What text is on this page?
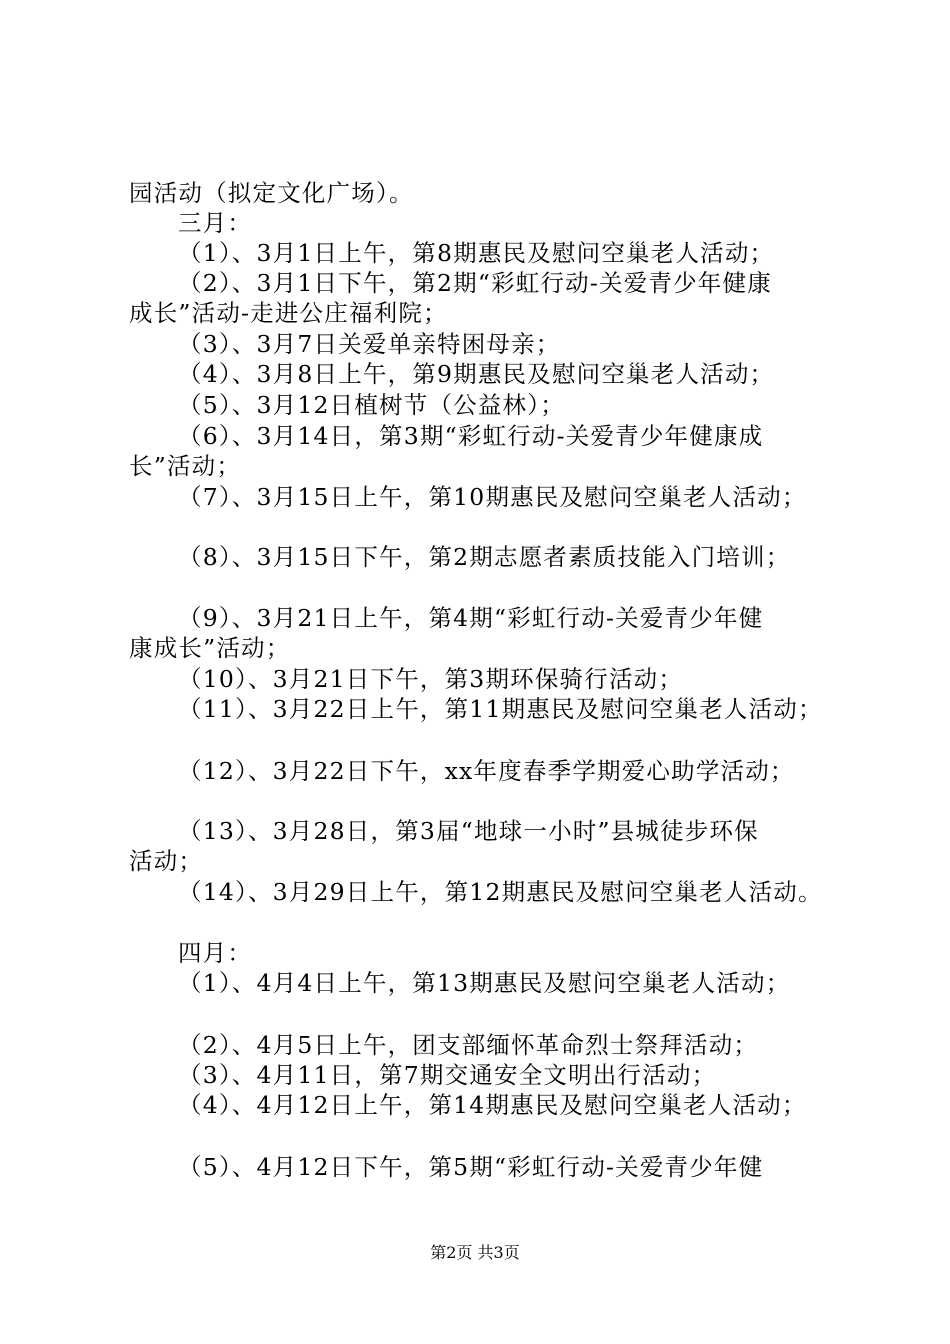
园活动（拟定文化广场）。
三月：
（1）、3月1日上午，第8期惠民及慰问空巢老人活动；
（2）、3月1日下午，第2期“彩虹行动-关爱青少年健康
成长”活动-走进公庄福利院；
（3）、3月7日关爱单亲特困母亲；
（4）、3月8日上午，第9期惠民及慰问空巢老人活动；
（5）、3月12日植树节（公益林）；
（6）、3月14日，第3期“彩虹行动-关爱青少年健康成
长”活动；
（7）、3月15日上午，第10期惠民及慰问空巢老人活动；
（8）、3月15日下午，第2期志愿者素质技能入门培训；
（9）、3月21日上午，第4期“彩虹行动-关爱青少年健
康成长”活动；
（10）、3月21日下午，第3期环保骑行活动；
（11）、3月22日上午，第11期惠民及慰问空巢老人活动；
（12）、3月22日下午，xx年度春季学期爱心助学活动；
（13）、3月28日，第3届“地球一小时”县城徒步环保
活动；
（14）、3月29日上午，第12期惠民及慰问空巢老人活动。
四月：
（1）、4月4日上午，第13期惠民及慰问空巢老人活动；
（2）、4月5日上午，团支部缅怀革命烈士祭拜活动；
（3）、4月11日，第7期交通安全文明出行活动；
（4）、4月12日上午，第14期惠民及慰问空巢老人活动；
（5）、4月12日下午，第5期“彩虹行动-关爱青少年健
第2页 共3页
